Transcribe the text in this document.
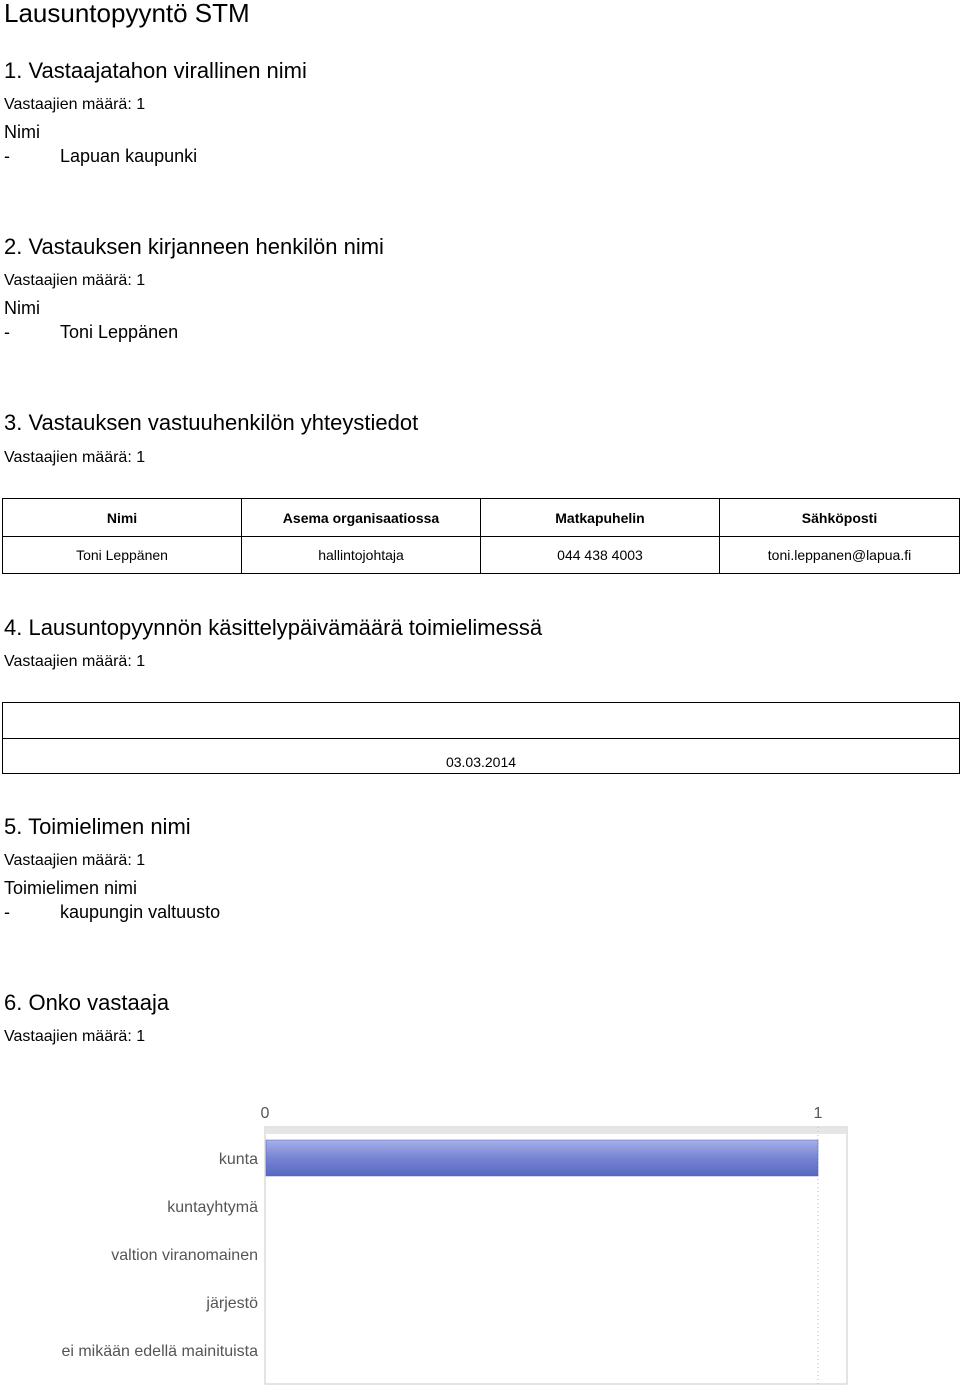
Lausuntopyyntö STM
1. Vastaajatahon virallinen nimi
Vastaajien määrä: 1
Nimi
-	Lapuan kaupunki
2. Vastauksen kirjanneen henkilön nimi
Vastaajien määrä: 1
Nimi
-	Toni Leppänen
3. Vastauksen vastuuhenkilön yhteystiedot
Vastaajien määrä: 1
Nimi	Asema organisaatiossa	Matkapuhelin	Sähköposti
Toni Leppänen	hallintojohtaja	044 438 4003	toni.leppanen@lapua.fi
4. Lausuntopyynnön käsittelypäivämäärä toimielimessä
Vastaajien määrä: 1

03.03.2014
5. Toimielimen nimi
Vastaajien määrä: 1
Toimielimen nimi
-	kaupungin valtuusto
6. Onko vastaaja
Vastaajien määrä: 1
0	1
kunta
kuntayhtymä
valtion viranomainen
järjestö
ei mikään edellä mainituista
